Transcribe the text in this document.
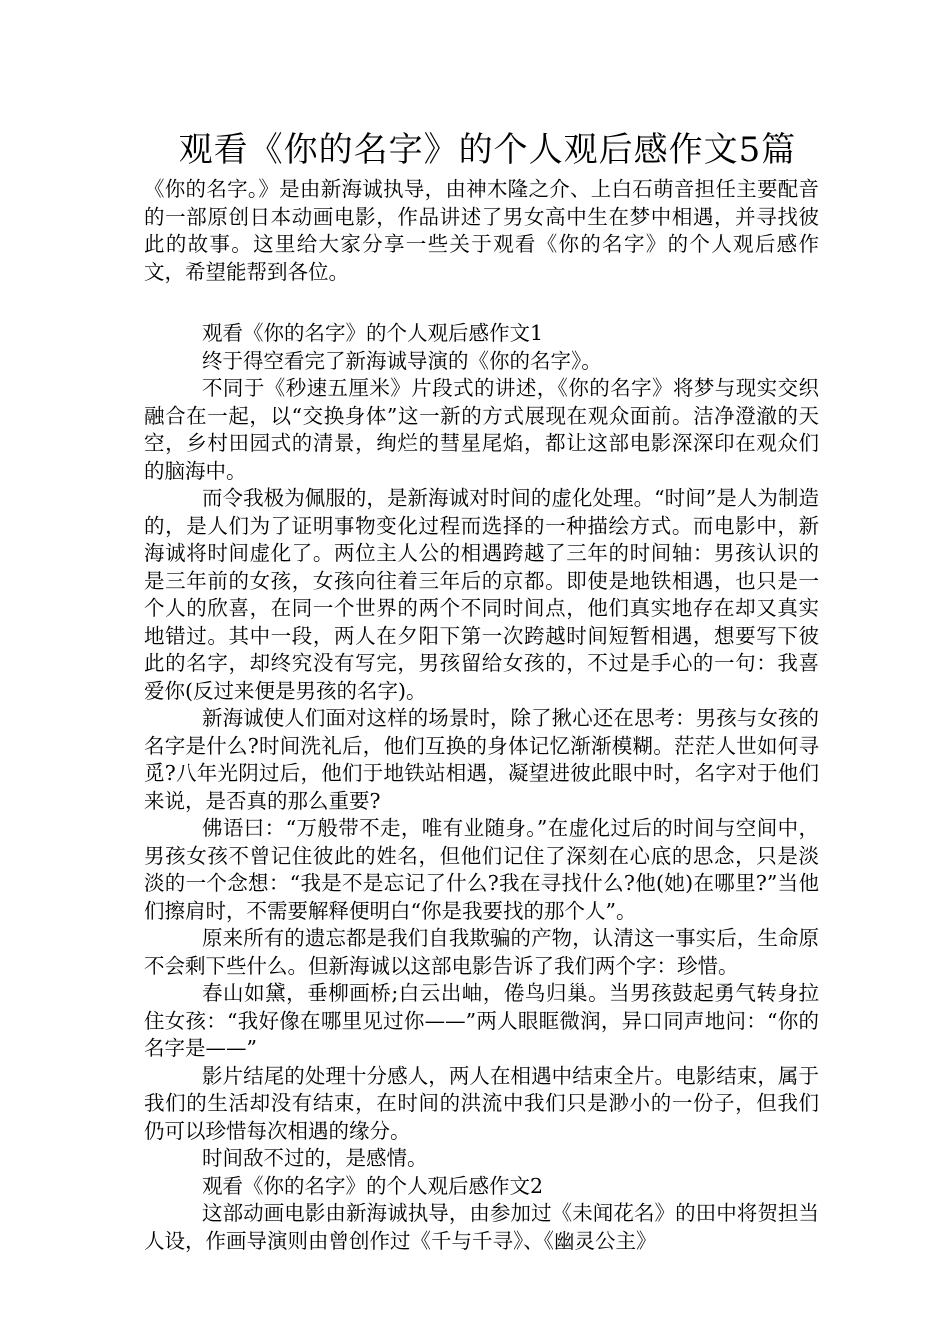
观看《你的名字》的个人观后感作文5篇

《你的名字。》是由新海诚执导，由神木隆之介、上白石萌音担任主要配音的一部原创日本动画电影，作品讲述了男女高中生在梦中相遇，并寻找彼此的故事。这里给大家分享一些关于观看《你的名字》的个人观后感作文，希望能帮到各位。

观看《你的名字》的个人观后感作文1

终于得空看完了新海诚导演的《你的名字》。

不同于《秒速五厘米》片段式的讲述，《你的名字》将梦与现实交织融合在一起，以“交换身体”这一新的方式展现在观众面前。洁净澄澈的天空，乡村田园式的清景，绚烂的彗星尾焰，都让这部电影深深印在观众们的脑海中。

而令我极为佩服的，是新海诚对时间的虚化处理。“时间”是人为制造的，是人们为了证明事物变化过程而选择的一种描绘方式。而电影中，新海诚将时间虚化了。两位主人公的相遇跨越了三年的时间轴：男孩认识的是三年前的女孩，女孩向往着三年后的京都。即使是地铁相遇，也只是一个人的欣喜，在同一个世界的两个不同时间点，他们真实地存在却又真实地错过。其中一段，两人在夕阳下第一次跨越时间短暂相遇，想要写下彼此的名字，却终究没有写完，男孩留给女孩的，不过是手心的一句：我喜爱你(反过来便是男孩的名字)。

新海诚使人们面对这样的场景时，除了揪心还在思考：男孩与女孩的名字是什么?时间洗礼后，他们互换的身体记忆渐渐模糊。茫茫人世如何寻觅?八年光阴过后，他们于地铁站相遇，凝望进彼此眼中时，名字对于他们来说，是否真的那么重要?

佛语曰：“万般带不走，唯有业随身。”在虚化过后的时间与空间中，男孩女孩不曾记住彼此的姓名，但他们记住了深刻在心底的思念，只是淡淡的一个念想：“我是不是忘记了什么?我在寻找什么?他(她)在哪里?”当他们擦肩时，不需要解释便明白“你是我要找的那个人”。

原来所有的遗忘都是我们自我欺骗的产物，认清这一事实后，生命原不会剩下些什么。但新海诚以这部电影告诉了我们两个字：珍惜。

春山如黛，垂柳画桥;白云出岫，倦鸟归巢。当男孩鼓起勇气转身拉住女孩：“我好像在哪里见过你——”两人眼眶微润，异口同声地问：“你的名字是——”

影片结尾的处理十分感人，两人在相遇中结束全片。电影结束，属于我们的生活却没有结束，在时间的洪流中我们只是渺小的一份子，但我们仍可以珍惜每次相遇的缘分。

时间敌不过的，是感情。

观看《你的名字》的个人观后感作文2

这部动画电影由新海诚执导，由参加过《未闻花名》的田中将贺担当人设，作画导演则由曾创作过《千与千寻》、《幽灵公主》
